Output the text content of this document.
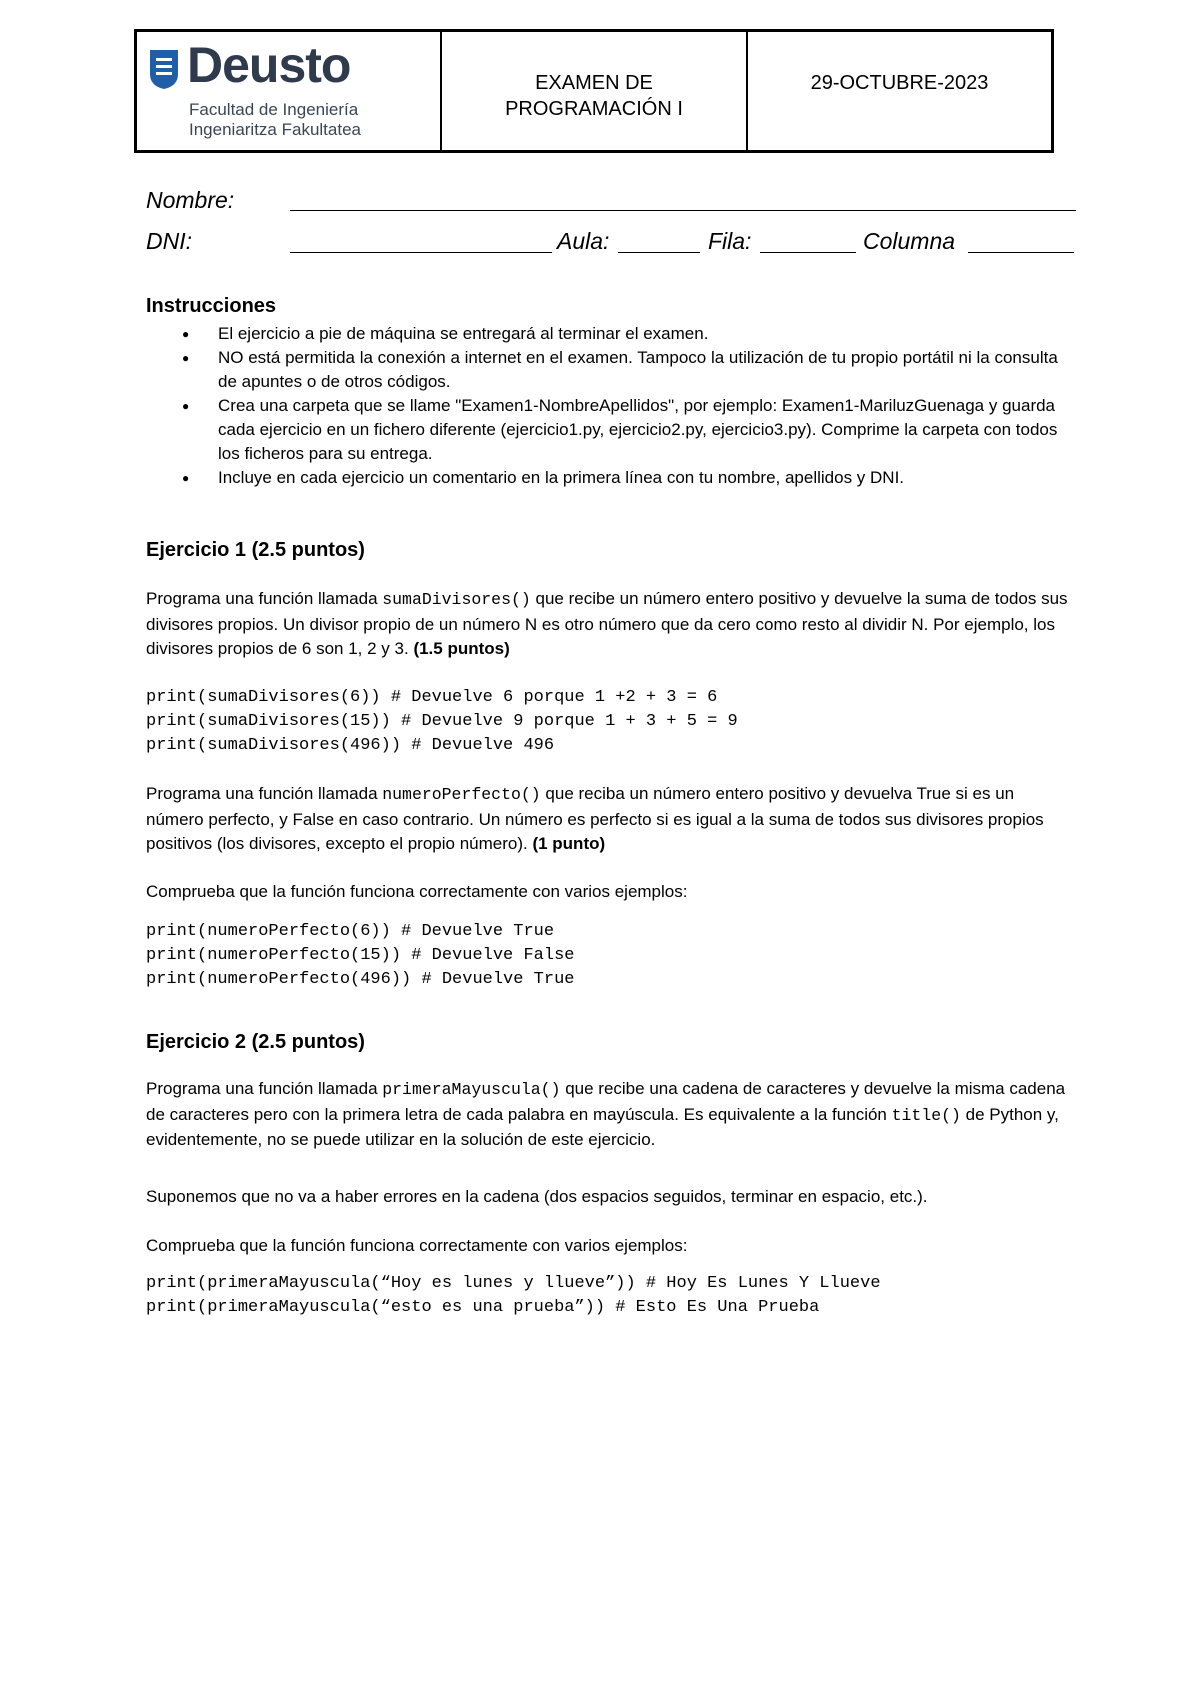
Deusto
Facultad de Ingeniería
Ingeniaritza Fakultatea
EXAMEN DE
PROGRAMACIÓN I
29-OCTUBRE-2023
Nombre:
DNI:	Aula:	Fila:	Columna
Instrucciones
● El ejercicio a pie de máquina se entregará al terminar el examen.
● NO está permitida la conexión a internet en el examen. Tampoco la utilización de tu propio portátil ni la consulta de apuntes o de otros códigos.
● Crea una carpeta que se llame "Examen1-NombreApellidos", por ejemplo: Examen1-MariluzGuenaga y guarda cada ejercicio en un fichero diferente (ejercicio1.py, ejercicio2.py, ejercicio3.py). Comprime la carpeta con todos los ficheros para su entrega.
● Incluye en cada ejercicio un comentario en la primera línea con tu nombre, apellidos y DNI.
Ejercicio 1 (2.5 puntos)
Programa una función llamada sumaDivisores() que recibe un número entero positivo y devuelve la suma de todos sus divisores propios. Un divisor propio de un número N es otro número que da cero como resto al dividir N. Por ejemplo, los divisores propios de 6 son 1, 2 y 3. (1.5 puntos)
print(sumaDivisores(6)) # Devuelve 6 porque 1 +2 + 3 = 6
print(sumaDivisores(15)) # Devuelve 9 porque 1 + 3 + 5 = 9
print(sumaDivisores(496)) # Devuelve 496
Programa una función llamada numeroPerfecto() que reciba un número entero positivo y devuelva True si es un número perfecto, y False en caso contrario. Un número es perfecto si es igual a la suma de todos sus divisores propios positivos (los divisores, excepto el propio número). (1 punto)
Comprueba que la función funciona correctamente con varios ejemplos:
print(numeroPerfecto(6)) # Devuelve True
print(numeroPerfecto(15)) # Devuelve False
print(numeroPerfecto(496)) # Devuelve True
Ejercicio 2 (2.5 puntos)
Programa una función llamada primeraMayuscula() que recibe una cadena de caracteres y devuelve la misma cadena de caracteres pero con la primera letra de cada palabra en mayúscula. Es equivalente a la función title() de Python y, evidentemente, no se puede utilizar en la solución de este ejercicio.
Suponemos que no va a haber errores en la cadena (dos espacios seguidos, terminar en espacio, etc.).
Comprueba que la función funciona correctamente con varios ejemplos:
print(primeraMayuscula(“Hoy es lunes y llueve”)) # Hoy Es Lunes Y Llueve
print(primeraMayuscula(“esto es una prueba”)) # Esto Es Una Prueba
